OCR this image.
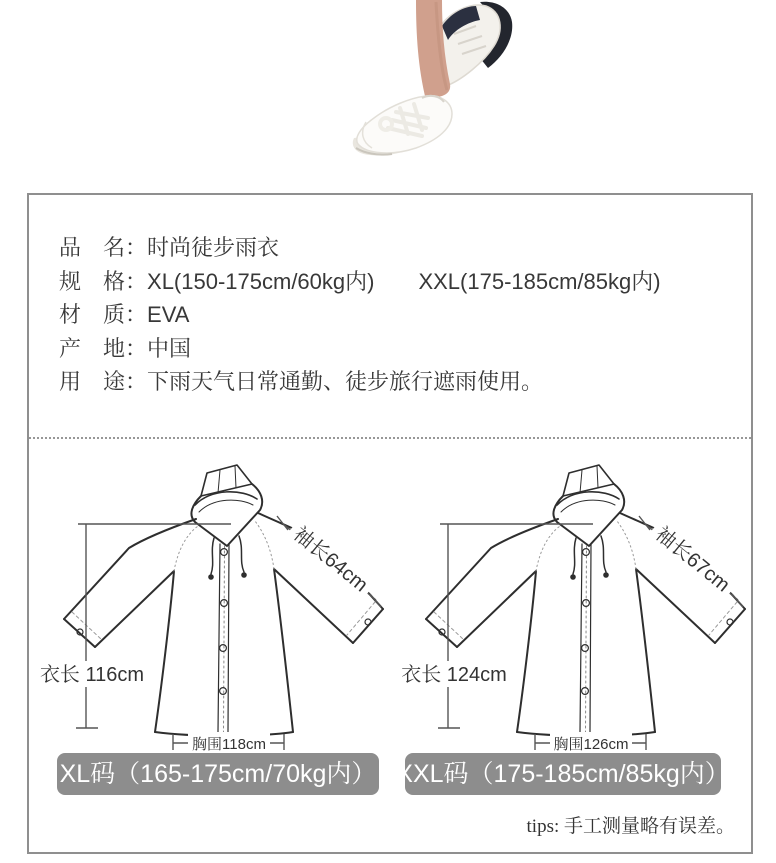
品　名：时尚徒步雨衣
规　格：XL(150-175cm/60kg内)　　XXL(175-185cm/85kg内)
材　质：EVA
产　地：中国
用　途：下雨天气日常通勤、徒步旅行遮雨使用。
衣长 116cm
胸围118cm
袖长64cm
衣长 124cm
胸围126cm
袖长67cm
XL码（165-175cm/70kg内） XXL码（175-185cm/85kg内）
tips: 手工测量略有误差。
